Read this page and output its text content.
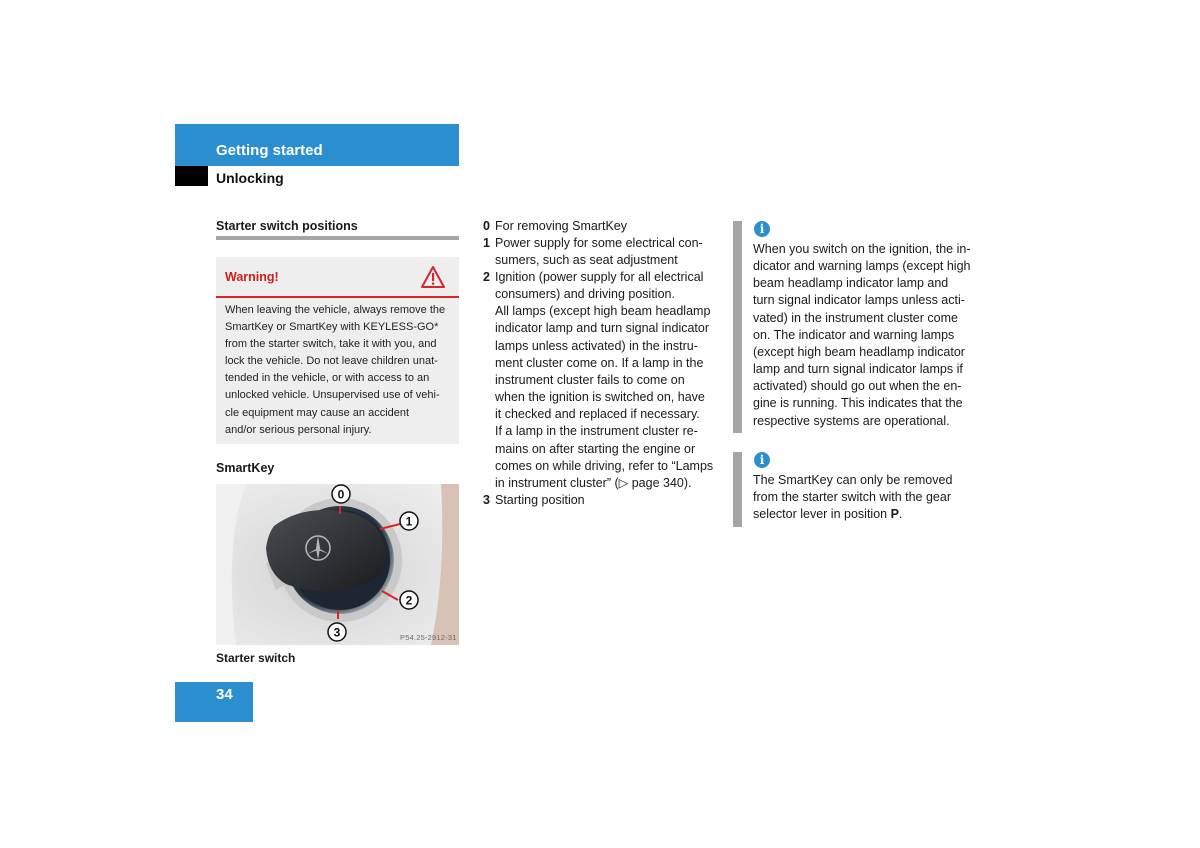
Getting started
Unlocking
Starter switch positions
Warning!
When leaving the vehicle, always remove the
SmartKey or SmartKey with KEYLESS-GO*
from the starter switch, take it with you, and
lock the vehicle. Do not leave children unat-
tended in the vehicle, or with access to an
unlocked vehicle. Unsupervised use of vehi-
cle equipment may cause an accident
and/or serious personal injury.
SmartKey
0
1
2
3	P54.25-2912-31
Starter switch
34
0 For removing SmartKey
1 Power supply for some electrical con-
sumers, such as seat adjustment
2 Ignition (power supply for all electrical
consumers) and driving position.
All lamps (except high beam headlamp
indicator lamp and turn signal indicator
lamps unless activated) in the instru-
ment cluster come on. If a lamp in the
instrument cluster fails to come on
when the ignition is switched on, have
it checked and replaced if necessary.
If a lamp in the instrument cluster re-
mains on after starting the engine or
comes on while driving, refer to “Lamps
in instrument cluster” (▷ page 340).
3 Starting position
i
When you switch on the ignition, the in-
dicator and warning lamps (except high
beam headlamp indicator lamp and
turn signal indicator lamps unless acti-
vated) in the instrument cluster come
on. The indicator and warning lamps
(except high beam headlamp indicator
lamp and turn signal indicator lamps if
activated) should go out when the en-
gine is running. This indicates that the
respective systems are operational.
i
The SmartKey can only be removed
from the starter switch with the gear
selector lever in position P.
